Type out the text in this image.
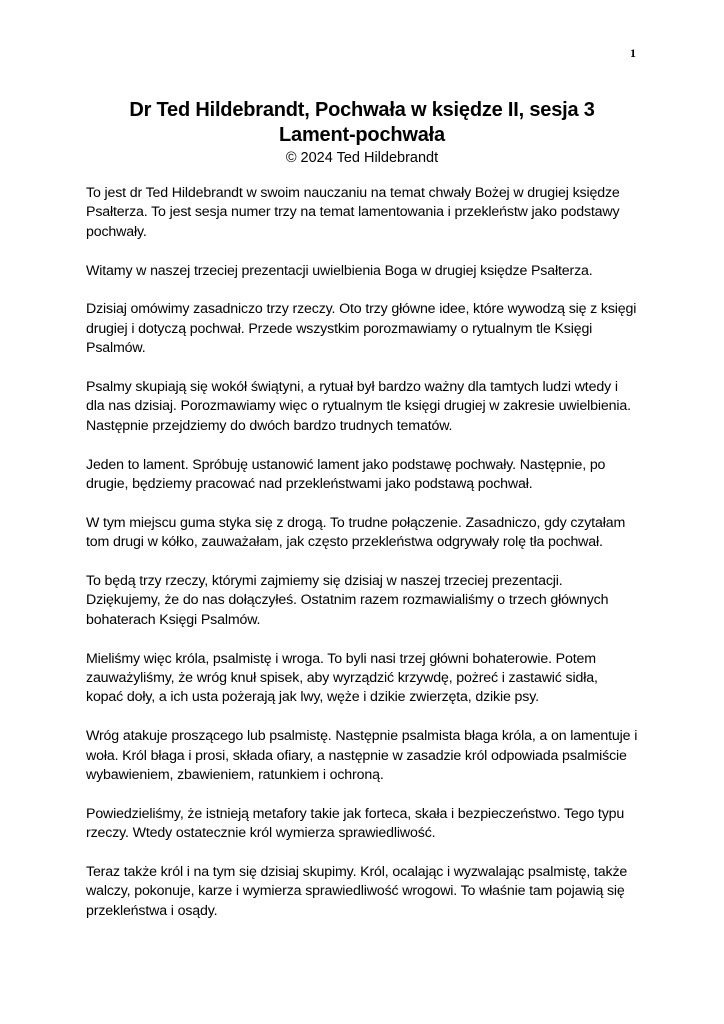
1
Dr Ted Hildebrandt, Pochwała w księdze II, sesja 3
Lament-pochwała
© 2024 Ted Hildebrandt

To jest dr Ted Hildebrandt w swoim nauczaniu na temat chwały Bożej w drugiej księdze Psałterza. To jest sesja numer trzy na temat lamentowania i przekleństw jako podstawy pochwały.

Witamy w naszej trzeciej prezentacji uwielbienia Boga w drugiej księdze Psałterza.

Dzisiaj omówimy zasadniczo trzy rzeczy. Oto trzy główne idee, które wywodzą się z księgi drugiej i dotyczą pochwał. Przede wszystkim porozmawiamy o rytualnym tle Księgi Psalmów.

Psalmy skupiają się wokół świątyni, a rytuał był bardzo ważny dla tamtych ludzi wtedy i dla nas dzisiaj. Porozmawiamy więc o rytualnym tle księgi drugiej w zakresie uwielbienia. Następnie przejdziemy do dwóch bardzo trudnych tematów.

Jeden to lament. Spróbuję ustanowić lament jako podstawę pochwały. Następnie, po drugie, będziemy pracować nad przekleństwami jako podstawą pochwał.

W tym miejscu guma styka się z drogą. To trudne połączenie. Zasadniczo, gdy czytałam tom drugi w kółko, zauważałam, jak często przekleństwa odgrywały rolę tła pochwał.

To będą trzy rzeczy, którymi zajmiemy się dzisiaj w naszej trzeciej prezentacji. Dziękujemy, że do nas dołączyłeś. Ostatnim razem rozmawialiśmy o trzech głównych bohaterach Księgi Psalmów.

Mieliśmy więc króla, psalmistę i wroga. To byli nasi trzej główni bohaterowie. Potem zauważyliśmy, że wróg knuł spisek, aby wyrządzić krzywdę, pożreć i zastawić sidła, kopać doły, a ich usta pożerają jak lwy, węże i dzikie zwierzęta, dzikie psy.

Wróg atakuje proszącego lub psalmistę. Następnie psalmista błaga króla, a on lamentuje i woła. Król błaga i prosi, składa ofiary, a następnie w zasadzie król odpowiada psalmiście wybawieniem, zbawieniem, ratunkiem i ochroną.

Powiedzieliśmy, że istnieją metafory takie jak forteca, skała i bezpieczeństwo. Tego typu rzeczy. Wtedy ostatecznie król wymierza sprawiedliwość.

Teraz także król i na tym się dzisiaj skupimy. Król, ocalając i wyzwalając psalmistę, także walczy, pokonuje, karze i wymierza sprawiedliwość wrogowi. To właśnie tam pojawią się przekleństwa i osądy.
